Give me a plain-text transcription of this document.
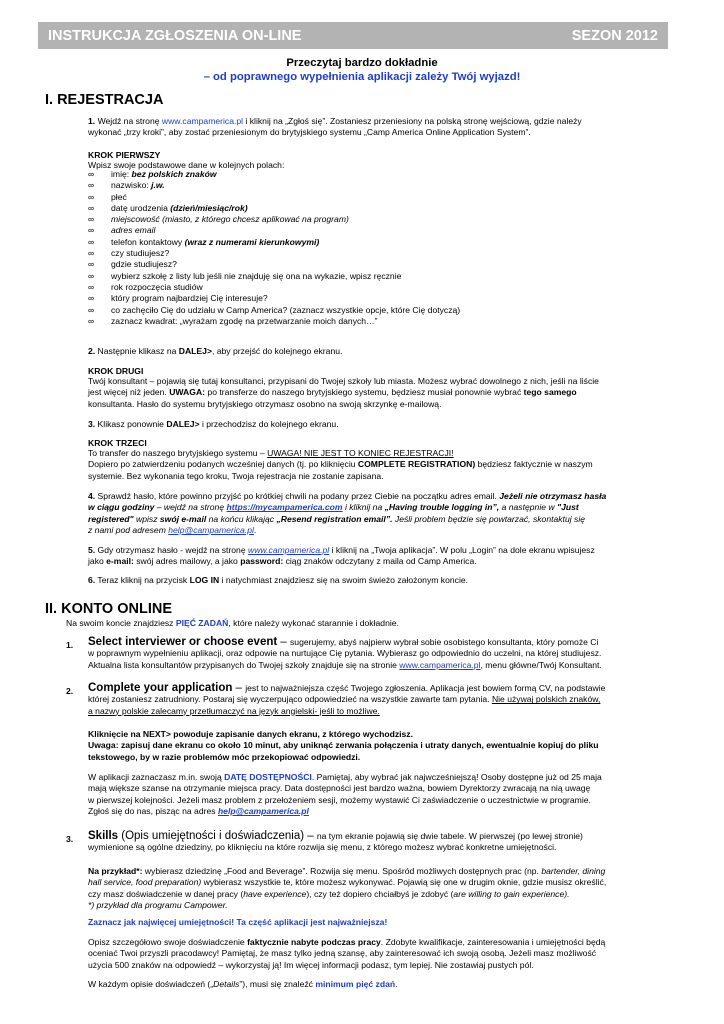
INSTRUKCJA ZGŁOSZENIA ON-LINE	SEZON 2012
Przeczytaj bardzo dokładnie
– od poprawnego wypełnienia aplikacji zależy Twój wyjazd!
I. REJESTRACJA
1. Wejdź na stronę www.campamerica.pl i kliknij na „Zgłoś się”. Zostaniesz przeniesiony na polską stronę wejściową, gdzie należy
wykonać „trzy kroki”, aby zostać przeniesionym do brytyjskiego systemu „Camp America Online Application System”.
KROK PIERWSZY
Wpisz swoje podstawowe dane w kolejnych polach:
∞ imię: bez polskich znaków
∞ nazwisko: j.w.
∞ płeć
∞ datę urodzenia (dzień/miesiąc/rok)
∞ miejscowość (miasto, z którego chcesz aplikować na program)
∞ adres email
∞ telefon kontaktowy (wraz z numerami kierunkowymi)
∞ czy studiujesz?
∞ gdzie studiujesz?
∞ wybierz szkołę z listy lub jeśli nie znajduję się ona na wykazie, wpisz ręcznie
∞ rok rozpoczęcia studiów
∞ który program najbardziej Cię interesuje?
∞ co zachęciło Cię do udziału w Camp America? (zaznacz wszystkie opcje, które Cię dotyczą)
∞ zaznacz kwadrat: „wyrażam zgodę na przetwarzanie moich danych…”
2. Następnie klikasz na DALEJ>, aby przejść do kolejnego ekranu.
KROK DRUGI
Twój konsultant – pojawią się tutaj konsultanci, przypisani do Twojej szkoły lub miasta. Możesz wybrać dowolnego z nich, jeśli na liście
jest więcej niż jeden. UWAGA: po transferze do naszego brytyjskiego systemu, będziesz musiał ponownie wybrać tego samego
konsultanta. Hasło do systemu brytyjskiego otrzymasz osobno na swoją skrzynkę e-mailową.
3. Klikasz ponownie DALEJ> i przechodzisz do kolejnego ekranu.
KROK TRZECI
To transfer do naszego brytyjskiego systemu – UWAGA! NIE JEST TO KONIEC REJESTRACJI!
Dopiero po zatwierdzeniu podanych wcześniej danych (tj. po kliknięciu COMPLETE REGISTRATION) będziesz faktycznie w naszym
systemie. Bez wykonania tego kroku, Twoja rejestracja nie zostanie zapisana.
4. Sprawdź hasło, które powinno przyjść po krótkiej chwili na podany przez Ciebie na początku adres email. Jeżeli nie otrzymasz hasła
w ciągu godziny – wejdź na stronę https://mycampamerica.com i kliknij na „Having trouble logging in”, a następnie w "Just
registered" wpisz swój e-mail na końcu klikając „Resend registration email”. Jeśli problem będzie się powtarzać, skontaktuj się
z nami pod adresem help@campamerica.pl.
5. Gdy otrzymasz hasło - wejdź na stronę www.campamerica.pl i kliknij na „Twoja aplikacja”. W polu „Login” na dole ekranu wpisujesz
jako e-mail: swój adres mailowy, a jako password: ciąg znaków odczytany z maila od Camp America.
6. Teraz kliknij na przycisk LOG IN i natychmiast znajdziesz się na swoim świeżo założonym koncie.
II. KONTO ONLINE
Na swoim koncie znajdziesz PIĘĆ ZADAŃ, które należy wykonać starannie i dokładnie.
1. Select interviewer or choose event – sugerujemy, abyś najpierw wybrał sobie osobistego konsultanta, który pomoże Ci
w poprawnym wypełnieniu aplikacji, oraz odpowie na nurtujące Cię pytania. Wybierasz go odpowiednio do uczelni, na której studiujesz.
Aktualna lista konsultantów przypisanych do Twojej szkoły znajduje się na stronie www.campamerica.pl, menu główne/Twój Konsultant.
2. Complete your application – jest to najważniejsza część Twojego zgłoszenia. Aplikacja jest bowiem formą CV, na podstawie
której zostaniesz zatrudniony. Postaraj się wyczerpująco odpowiedzieć na wszystkie zawarte tam pytania. Nie używaj polskich znaków,
a nazwy polskie zalecamy przetłumaczyć na język angielski- jeśli to możliwe.
Kliknięcie na NEXT> powoduje zapisanie danych ekranu, z którego wychodzisz.
Uwaga: zapisuj dane ekranu co około 10 minut, aby uniknąć zerwania połączenia i utraty danych, ewentualnie kopiuj do pliku
tekstowego, by w razie problemów móc przekopiować odpowiedzi.
W aplikacji zaznaczasz m.in. swoją DATĘ DOSTĘPNOŚCI. Pamiętaj, aby wybrać jak najwcześniejszą! Osoby dostępne już od 25 maja
mają większe szanse na otrzymanie miejsca pracy. Data dostępności jest bardzo ważna, bowiem Dyrektorzy zwracają na nią uwagę
w pierwszej kolejności. Jeżeli masz problem z przełożeniem sesji, możemy wystawić Ci zaświadczenie o uczestnictwie w programie.
Zgłoś się do nas, pisząc na adres help@campamerica.pl
3. Skills (Opis umiejętności i doświadczenia) – na tym ekranie pojawią się dwie tabele. W pierwszej (po lewej stronie)
wymienione są ogólne dziedziny, po kliknięciu na które rozwija się menu, z którego możesz wybrać konkretne umiejętności.
Na przykład*: wybierasz dziedzinę „Food and Beverage”. Rozwija się menu. Spośród możliwych dostępnych prac (np. bartender, dining
hall service, food preparation) wybierasz wszystkie te, które możesz wykonywać. Pojawią się one w drugim oknie, gdzie musisz określić,
czy masz doświadczenie w danej pracy (have experience), czy też dopiero chciałbyś je zdobyć (are willing to gain experience).
*) przykład dla programu Campower.
Zaznacz jak najwięcej umiejętności! Ta część aplikacji jest najważniejsza!
Opisz szczegółowo swoje doświadczenie faktycznie nabyte podczas pracy. Zdobyte kwalifikacje, zainteresowania i umiejętności będą
oceniać Twoi przyszli pracodawcy! Pamiętaj, że masz tylko jedną szansę, aby zainteresować ich swoją osobą. Jeżeli masz możliwość
użycia 500 znaków na odpowiedź – wykorzystaj ją! Im więcej informacji podasz, tym lepiej. Nie zostawiaj pustych pól.
W każdym opisie doświadczeń („Details”), musi się znaleźć minimum pięć zdań.
